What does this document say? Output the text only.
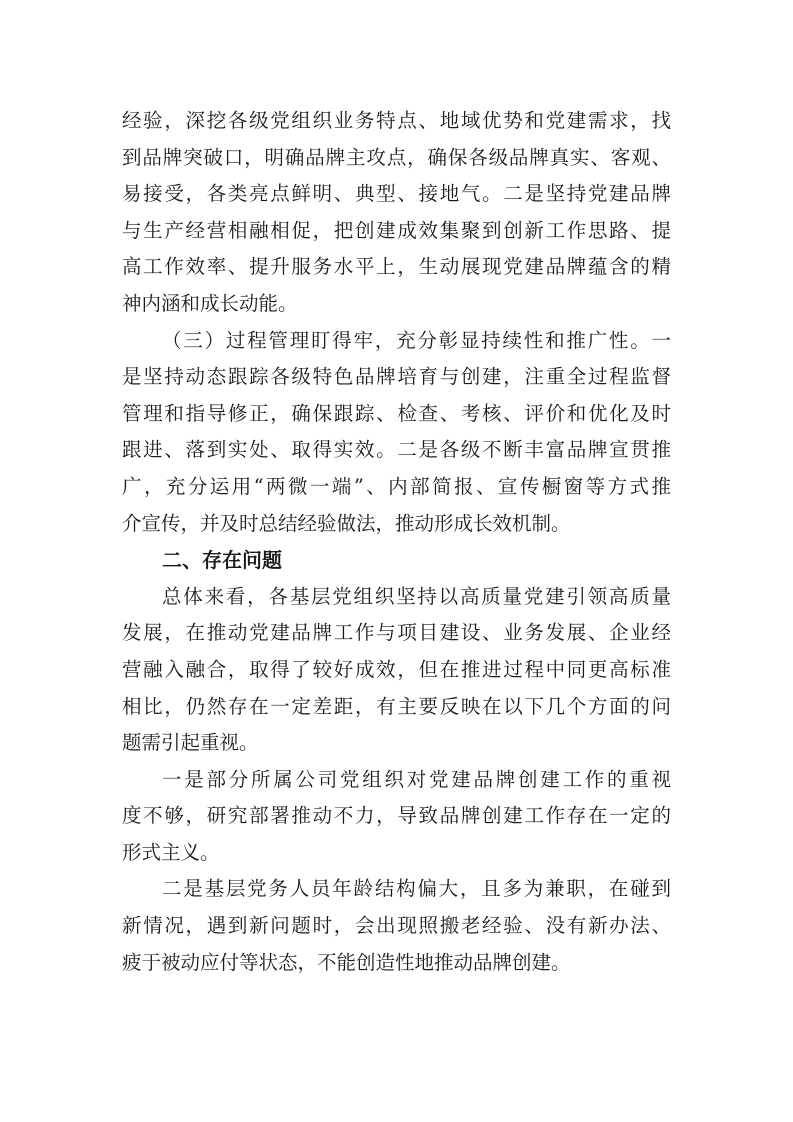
经验，深挖各级党组织业务特点、地域优势和党建需求，找
到品牌突破口，明确品牌主攻点，确保各级品牌真实、客观、
易接受，各类亮点鲜明、典型、接地气。二是坚持党建品牌
与生产经营相融相促，把创建成效集聚到创新工作思路、提
高工作效率、提升服务水平上，生动展现党建品牌蕴含的精
神内涵和成长动能。
（三）过程管理盯得牢，充分彰显持续性和推广性。一
是坚持动态跟踪各级特色品牌培育与创建，注重全过程监督
管理和指导修正，确保跟踪、检查、考核、评价和优化及时
跟进、落到实处、取得实效。二是各级不断丰富品牌宣贯推
广，充分运用“两微一端”、内部简报、宣传橱窗等方式推
介宣传，并及时总结经验做法，推动形成长效机制。
二、存在问题
总体来看，各基层党组织坚持以高质量党建引领高质量
发展，在推动党建品牌工作与项目建设、业务发展、企业经
营融入融合，取得了较好成效，但在推进过程中同更高标准
相比，仍然存在一定差距，有主要反映在以下几个方面的问
题需引起重视。
一是部分所属公司党组织对党建品牌创建工作的重视
度不够，研究部署推动不力，导致品牌创建工作存在一定的
形式主义。
二是基层党务人员年龄结构偏大，且多为兼职，在碰到
新情况，遇到新问题时，会出现照搬老经验、没有新办法、
疲于被动应付等状态，不能创造性地推动品牌创建。
